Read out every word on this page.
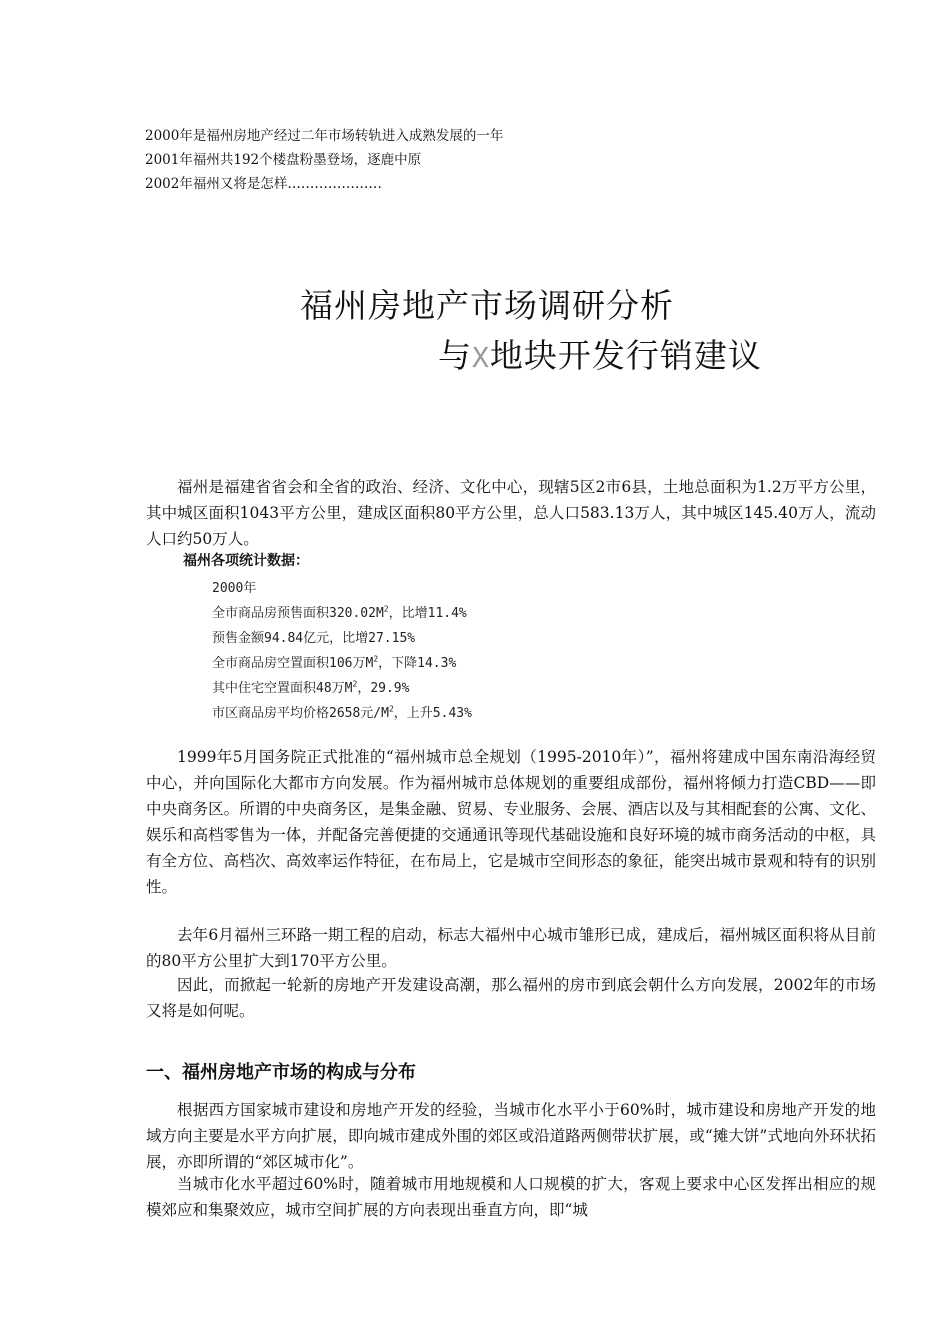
2000年是福州房地产经过二年市场转轨进入成熟发展的一年
2001年福州共192个楼盘粉墨登场，逐鹿中原
2002年福州又将是怎样…………………
福州房地产市场调研分析
与X地块开发行销建议
福州是福建省省会和全省的政治、经济、文化中心，现辖5区2市6县，土地总面积为1.2万平方公里，其中城区面积1043平方公里，建成区面积80平方公里，总人口583.13万人，其中城区145.40万人，流动人口约50万人。
福州各项统计数据：
2000年
全市商品房预售面积$320.02M^2$，比增11.4%
预售金额94.84亿元，比增27.15%
全市商品房空置面积106万$M^2$，下降14.3%
其中住宅空置面积48万$M^2$，29.9%
市区商品房平均价格2658元$/M^2$，上升5.43%
1999年5月国务院正式批准的“福州城市总全规划（1995-2010年）”，福州将建成中国东南沿海经贸中心，并向国际化大都市方向发展。作为福州城市总体规划的重要组成部份，福州将倾力打造CBD——即中央商务区。所谓的中央商务区，是集金融、贸易、专业服务、会展、酒店以及与其相配套的公寓、文化、娱乐和高档零售为一体，并配备完善便捷的交通通讯等现代基础设施和良好环境的城市商务活动的中枢，具有全方位、高档次、高效率运作特征，在布局上，它是城市空间形态的象征，能突出城市景观和特有的识别性。
去年6月福州三环路一期工程的启动，标志大福州中心城市雏形已成，建成后，福州城区面积将从目前的80平方公里扩大到170平方公里。
因此，而掀起一轮新的房地产开发建设高潮，那么福州的房市到底会朝什么方向发展，2002年的市场又将是如何呢。
一、福州房地产市场的构成与分布
根据西方国家城市建设和房地产开发的经验，当城市化水平小于60%时，城市建设和房地产开发的地域方向主要是水平方向扩展，即向城市建成外围的郊区或沿道路两侧带状扩展，或“摊大饼”式地向外环状拓展，亦即所谓的“郊区城市化”。
当城市化水平超过60%时，随着城市用地规模和人口规模的扩大，客观上要求中心区发挥出相应的规模郊应和集聚效应，城市空间扩展的方向表现出垂直方向，即“城
